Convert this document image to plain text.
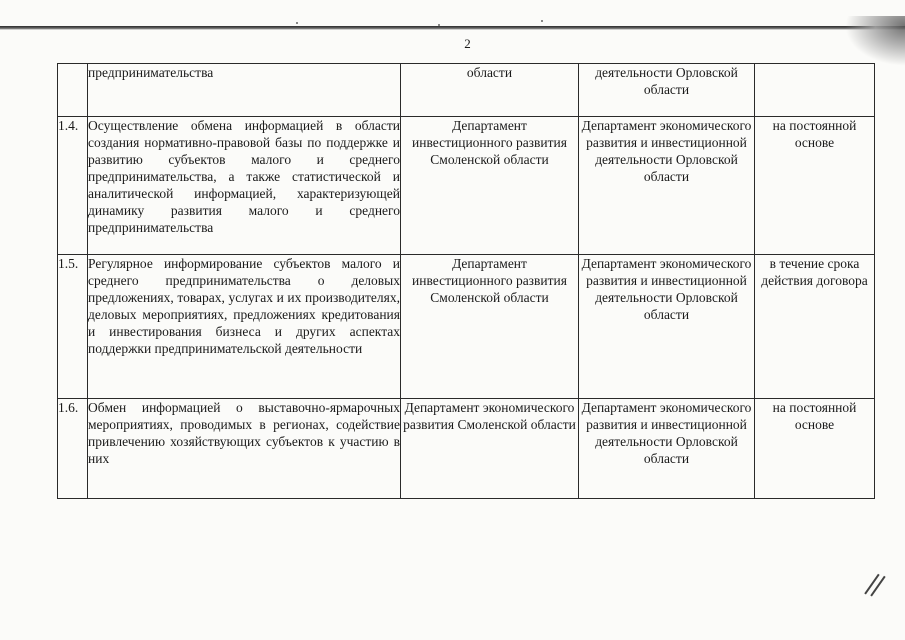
2
	предпринимательства	области	деятельности Орловской области	
1.4.	Осуществление обмена информацией в области создания нормативно-правовой базы по поддержке и развитию субъектов малого и среднего предпринимательства, а также статистической и аналитической информацией, характеризующей динамику развития малого и среднего предпринимательства	Департамент инвестиционного развития Смоленской области	Департамент экономического развития и инвестиционной деятельности Орловской области	на постоянной основе
1.5.	Регулярное информирование субъектов малого и среднего предпринимательства о деловых предложениях, товарах, услугах и их производителях, деловых мероприятиях, предложениях кредитования и инвестирования бизнеса и других аспектах поддержки предпринимательской деятельности	Департамент инвестиционного развития Смоленской области	Департамент экономического развития и инвестиционной деятельности Орловской области	в течение срока действия договора
1.6.	Обмен информацией о выставочно-ярмарочных мероприятиях, проводимых в регионах, содействие привлечению хозяйствующих субъектов к участию в них	Департамент экономического развития Смоленской области	Департамент экономического развития и инвестиционной деятельности Орловской области	на постоянной основе
